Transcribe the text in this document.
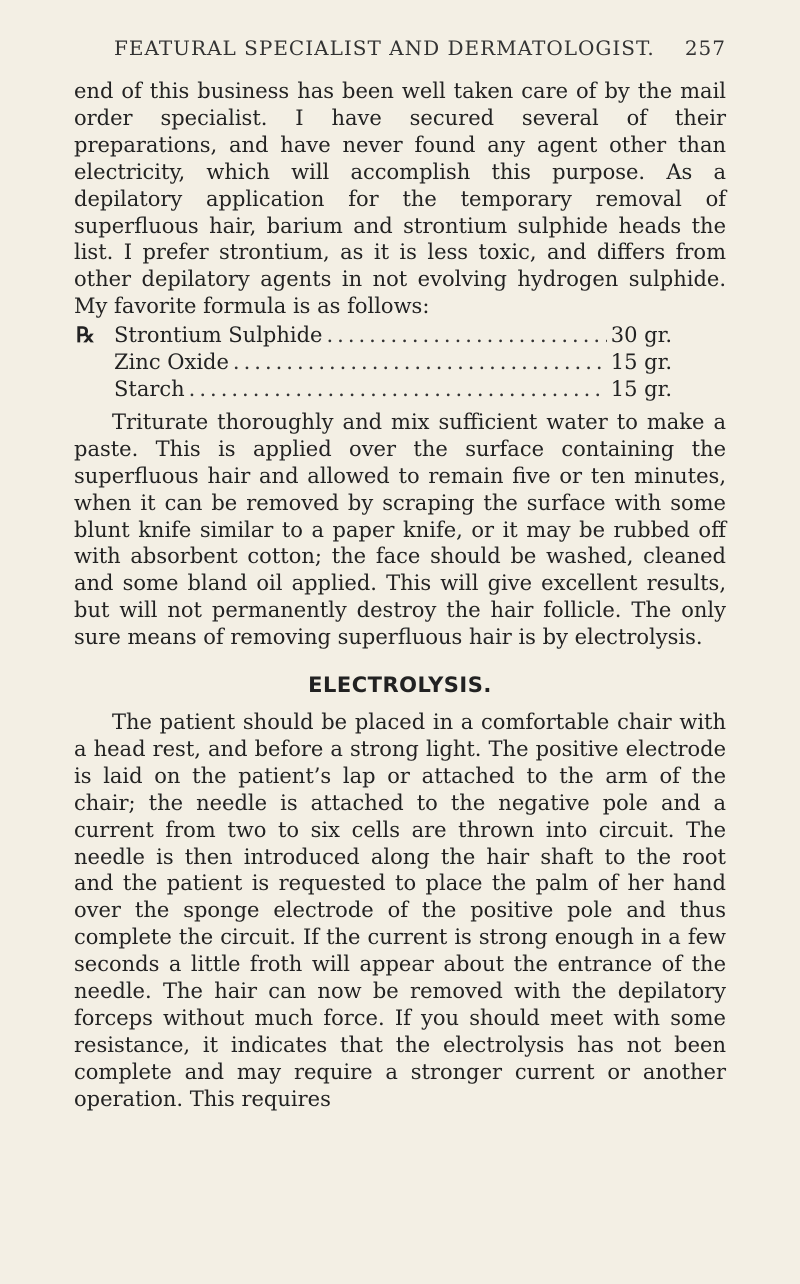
FEATURAL SPECIALIST AND DERMATOLOGIST. 257

end of this business has been well taken care of by the mail order specialist. I have secured several of their preparations, and have never found any agent other than electricity, which will accomplish this purpose. As a depilatory application for the temporary removal of superfluous hair, barium and strontium sulphide heads the list. I prefer strontium, as it is less toxic, and differs from other depilatory agents in not evolving hydrogen sulphide. My favorite formula is as follows:

℞ Strontium Sulphide .....	30 gr.
Zinc Oxide .....	15 gr.
Starch .....	15 gr.

Triturate thoroughly and mix sufficient water to make a paste. This is applied over the surface containing the superfluous hair and allowed to remain five or ten minutes, when it can be removed by scraping the surface with some blunt knife similar to a paper knife, or it may be rubbed off with absorbent cotton; the face should be washed, cleaned and some bland oil applied. This will give excellent results, but will not permanently destroy the hair follicle. The only sure means of removing superfluous hair is by electrolysis.

ELECTROLYSIS.

The patient should be placed in a comfortable chair with a head rest, and before a strong light. The positive electrode is laid on the patient’s lap or attached to the arm of the chair; the needle is attached to the negative pole and a current from two to six cells are thrown into circuit. The needle is then introduced along the hair shaft to the root and the patient is requested to place the palm of her hand over the sponge electrode of the positive pole and thus complete the circuit. If the current is strong enough in a few seconds a little froth will appear about the entrance of the needle. The hair can now be removed with the depilatory forceps without much force. If you should meet with some resistance, it indicates that the electrolysis has not been complete and may require a stronger current or another operation. This requires
